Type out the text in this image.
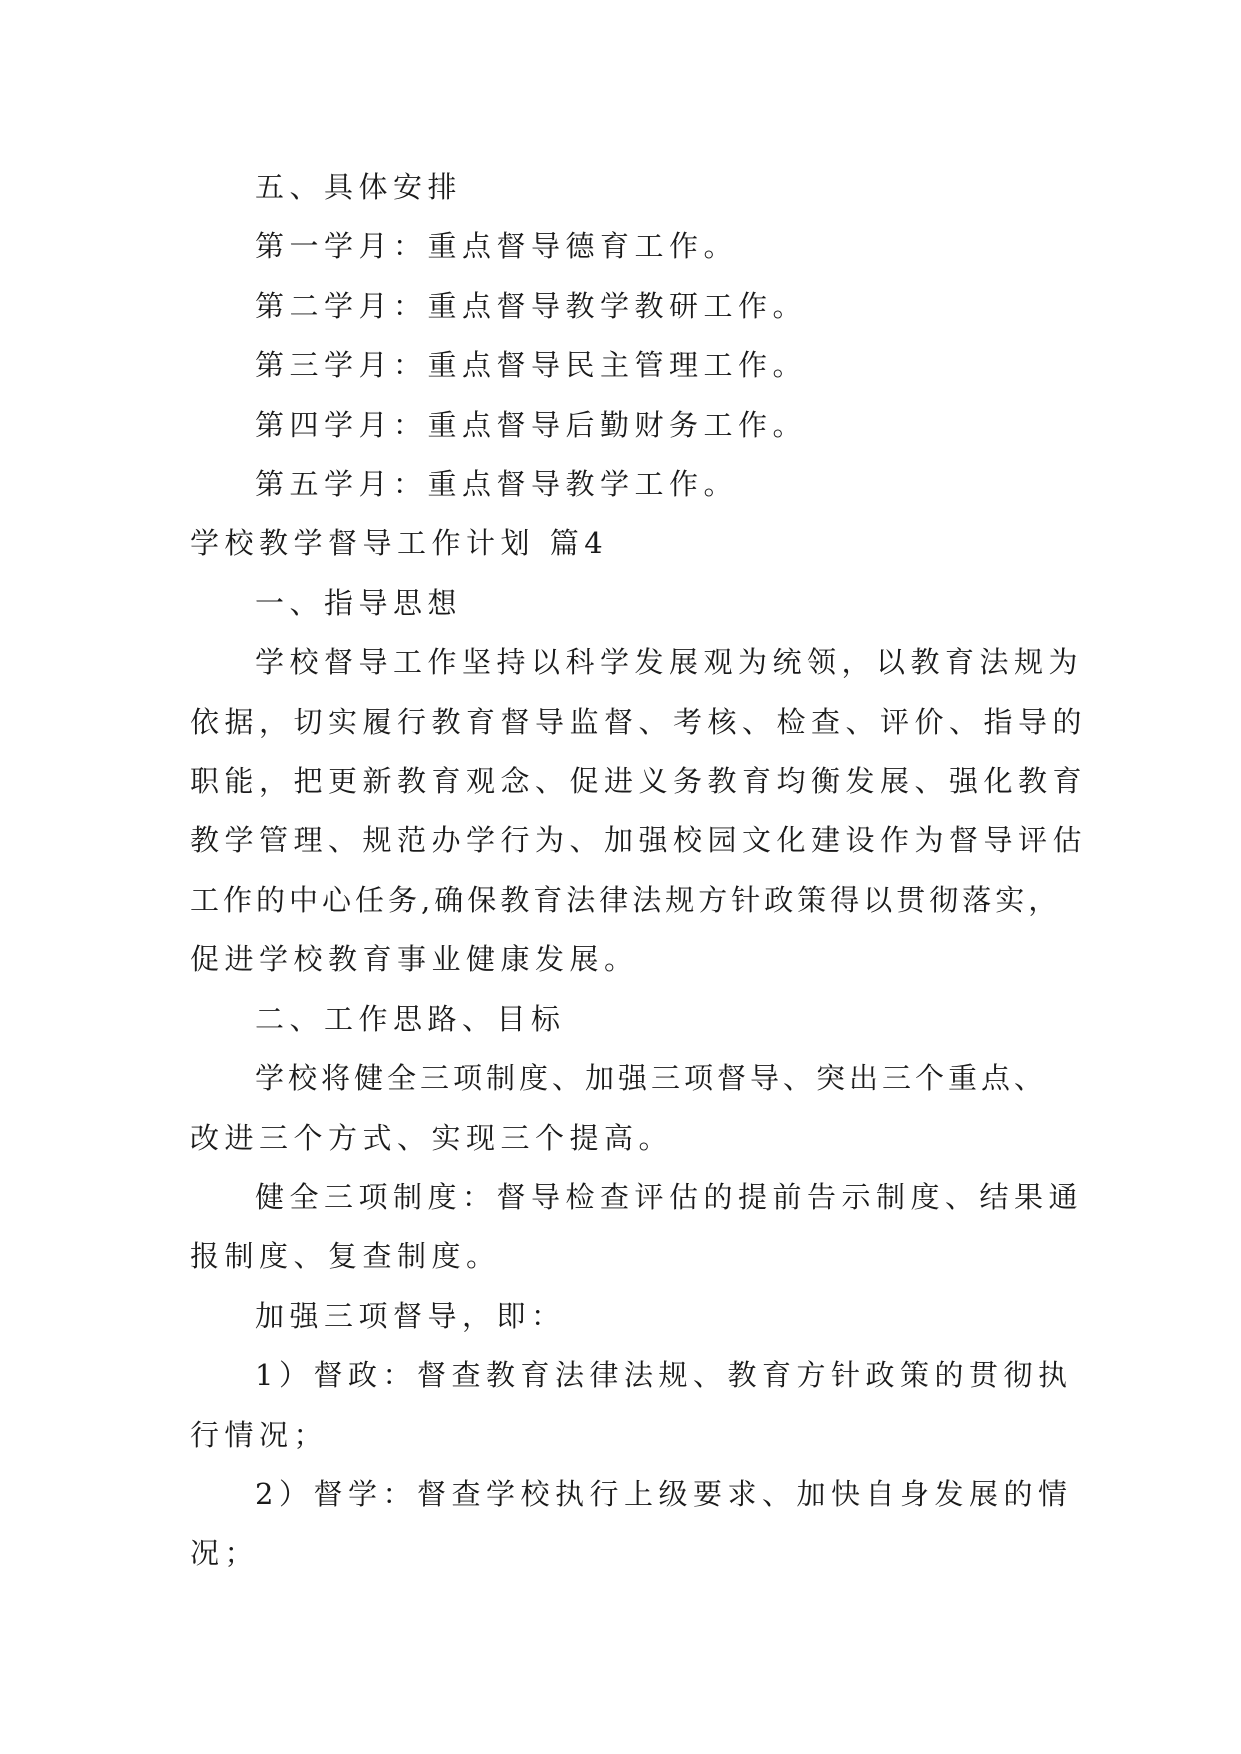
五、具体安排

第一学月：重点督导德育工作。

第二学月：重点督导教学教研工作。

第三学月：重点督导民主管理工作。

第四学月：重点督导后勤财务工作。

第五学月：重点督导教学工作。

学校教学督导工作计划 篇4

一、指导思想

学校督导工作坚持以科学发展观为统领，以教育法规为

依据，切实履行教育督导监督、考核、检查、评价、指导的

职能，把更新教育观念、促进义务教育均衡发展、强化教育

教学管理、规范办学行为、加强校园文化建设作为督导评估

工作的中心任务,确保教育法律法规方针政策得以贯彻落实，

促进学校教育事业健康发展。

二、工作思路、目标

学校将健全三项制度、加强三项督导、突出三个重点、

改进三个方式、实现三个提高。

健全三项制度：督导检查评估的提前告示制度、结果通

报制度、复查制度。

加强三项督导，即：

1）督政：督查教育法律法规、教育方针政策的贯彻执

行情况；

2）督学：督查学校执行上级要求、加快自身发展的情

况；
